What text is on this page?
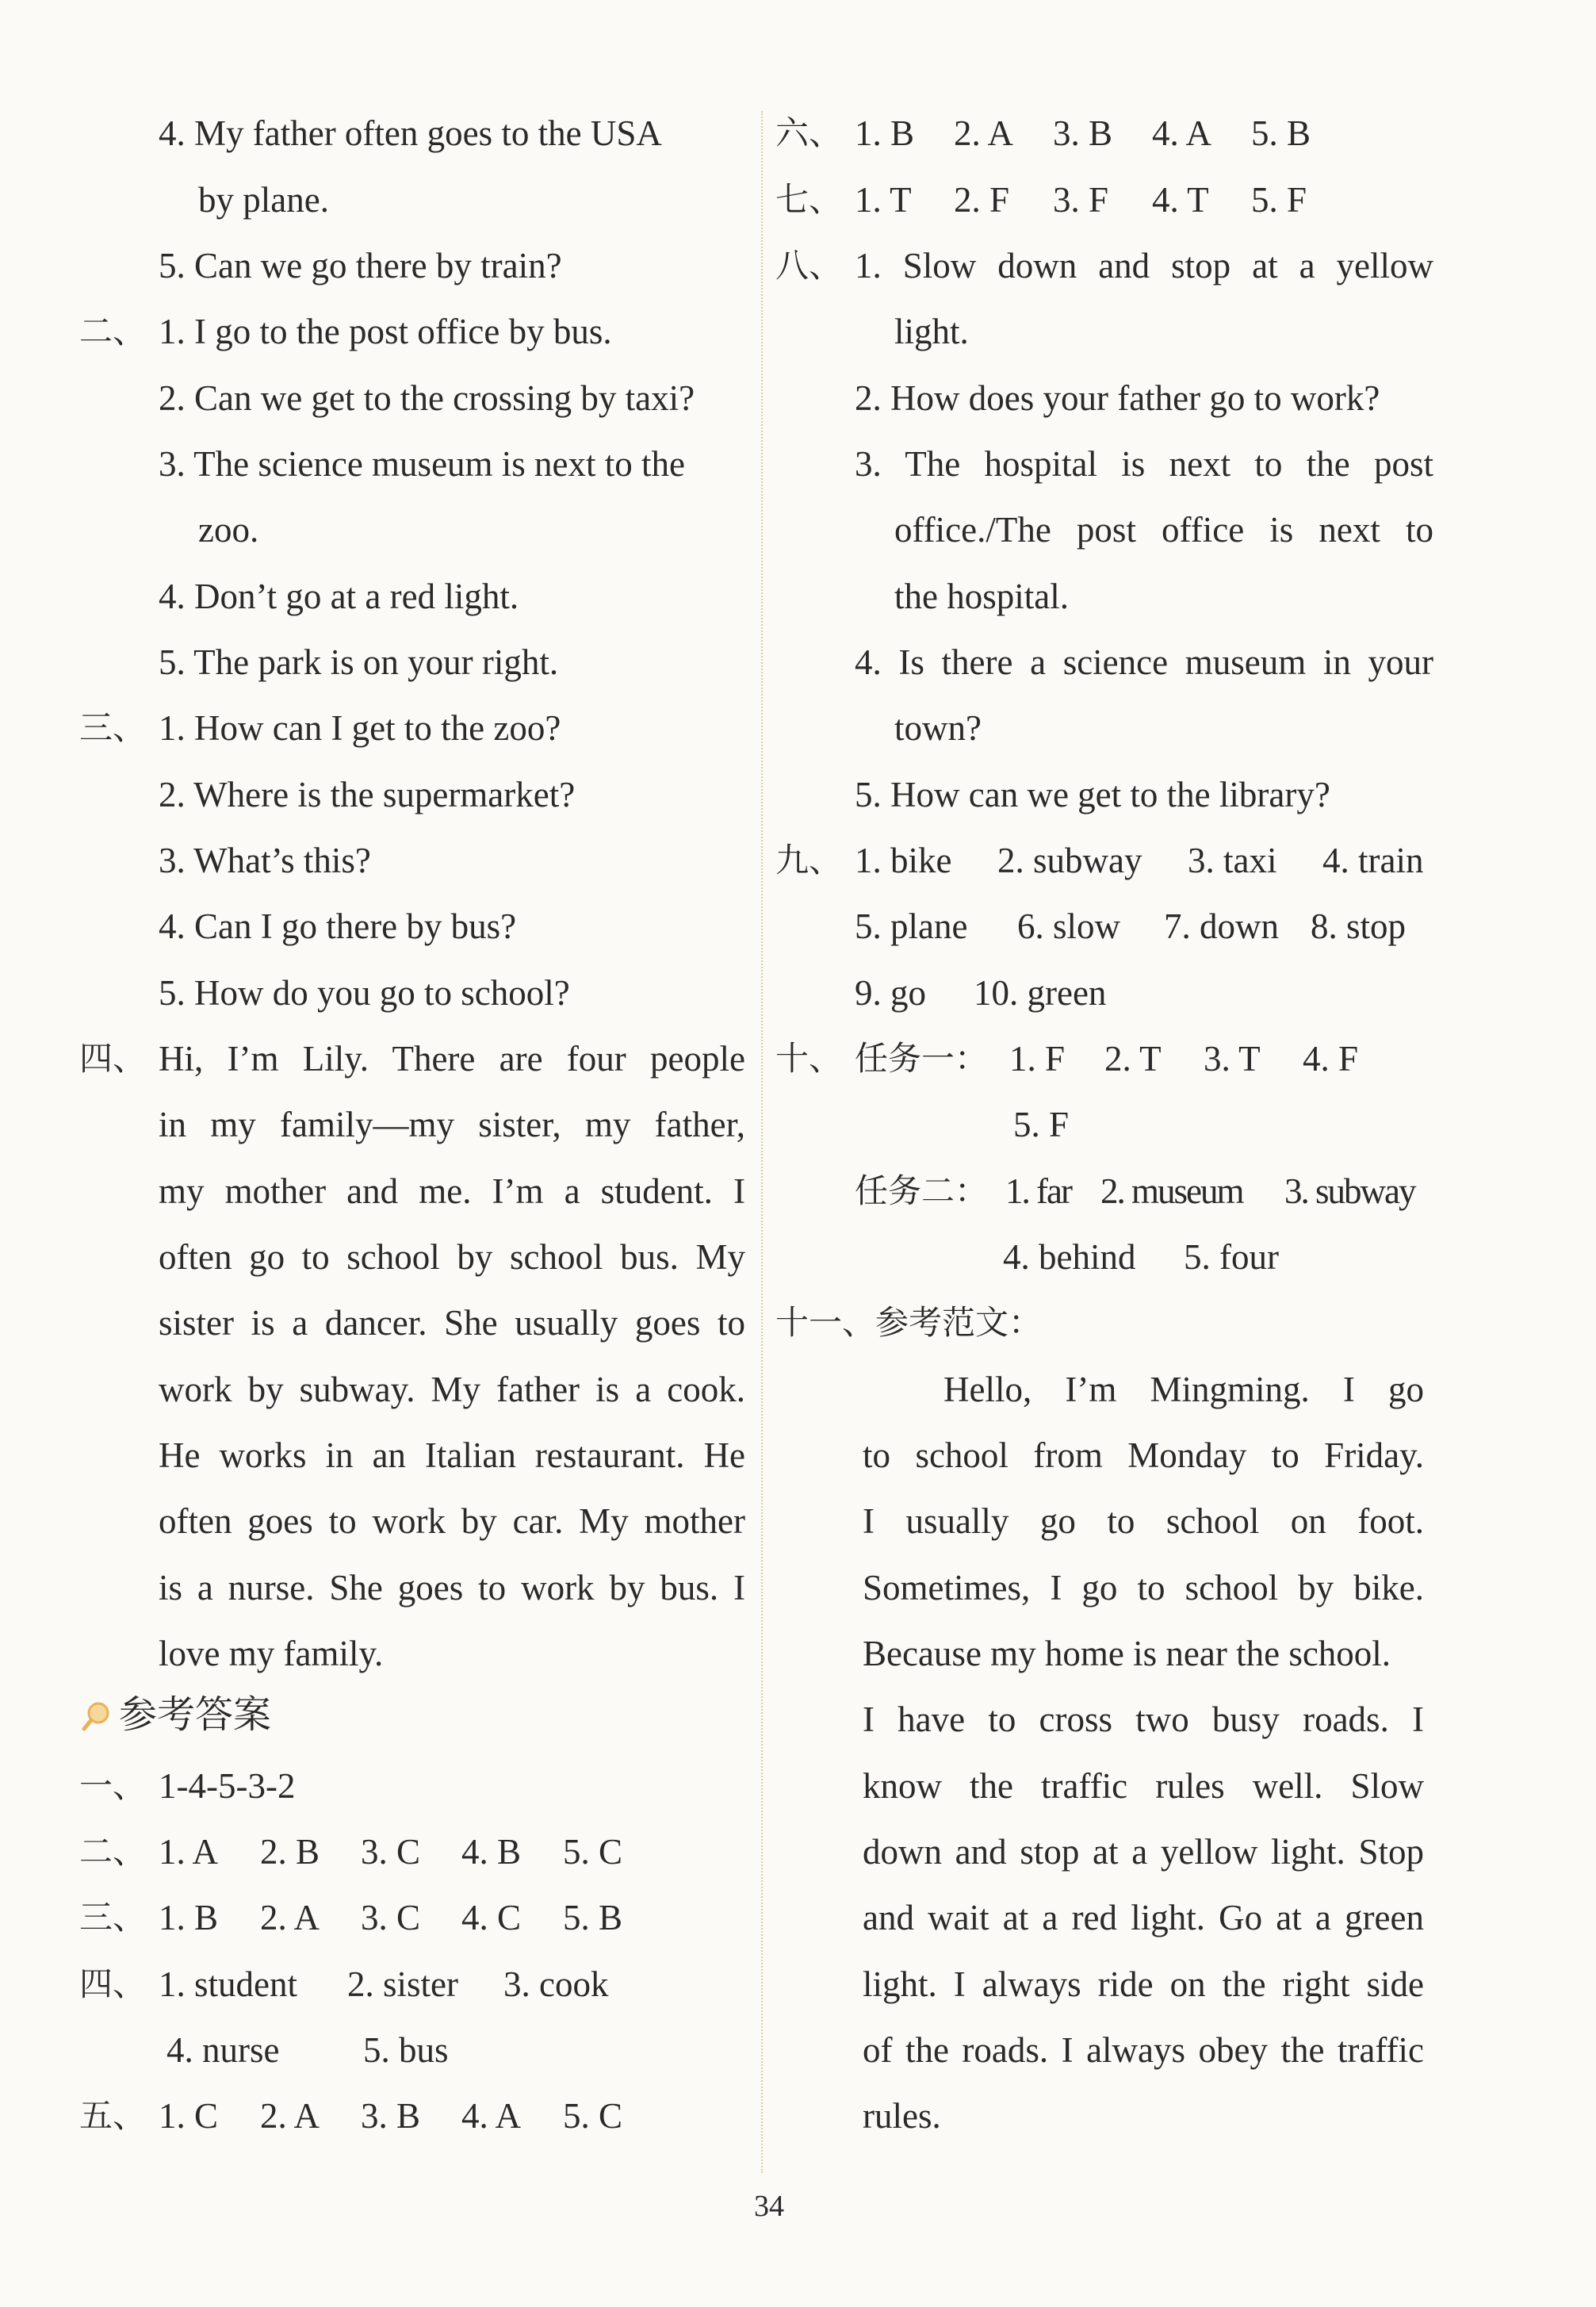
4. My father often goes to the USA
by plane.
5. Can we go there by train?
二、 1. I go to the post office by bus.
2. Can we get to the crossing by taxi?
3. The science museum is next to the
zoo.
4. Don’t go at a red light.
5. The park is on your right.
三、 1. How can I get to the zoo?
2. Where is the supermarket?
3. What’s this?
4. Can I go there by bus?
5. How do you go to school?
四、 Hi, I’m Lily. There are four people
in my family—my sister, my father,
my mother and me. I’m a student. I
often go to school by school bus. My
sister is a dancer. She usually goes to
work by subway. My father is a cook.
He works in an Italian restaurant. He
often goes to work by car. My mother
is a nurse. She goes to work by bus. I
love my family.
参考答案
一、 1-4-5-3-2
二、 1. A 2. B 3. C 4. B 5. C
三、 1. B 2. A 3. C 4. C 5. B
四、 1. student 2. sister 3. cook
4. nurse 5. bus
五、 1. C 2. A 3. B 4. A 5. C
六、 1. B 2. A 3. B 4. A 5. B
七、 1. T 2. F 3. F 4. T 5. F
八、 1. Slow down and stop at a yellow
light.
2. How does your father go to work?
3. The hospital is next to the post
office./The post office is next to
the hospital.
4. Is there a science museum in your
town?
5. How can we get to the library?
九、 1. bike 2. subway 3. taxi 4. train
5. plane 6. slow 7. down 8. stop
9. go 10. green
十、 任务一： 1. F 2. T 3. T 4. F
5. F
任务二： 1. far 2. museum 3. subway
4. behind 5. four
十一、参考范文：
Hello, I’m Mingming. I go
to school from Monday to Friday.
I usually go to school on foot.
Sometimes, I go to school by bike.
Because my home is near the school.
I have to cross two busy roads. I
know the traffic rules well. Slow
down and stop at a yellow light. Stop
and wait at a red light. Go at a green
light. I always ride on the right side
of the roads. I always obey the traffic
rules.
34
